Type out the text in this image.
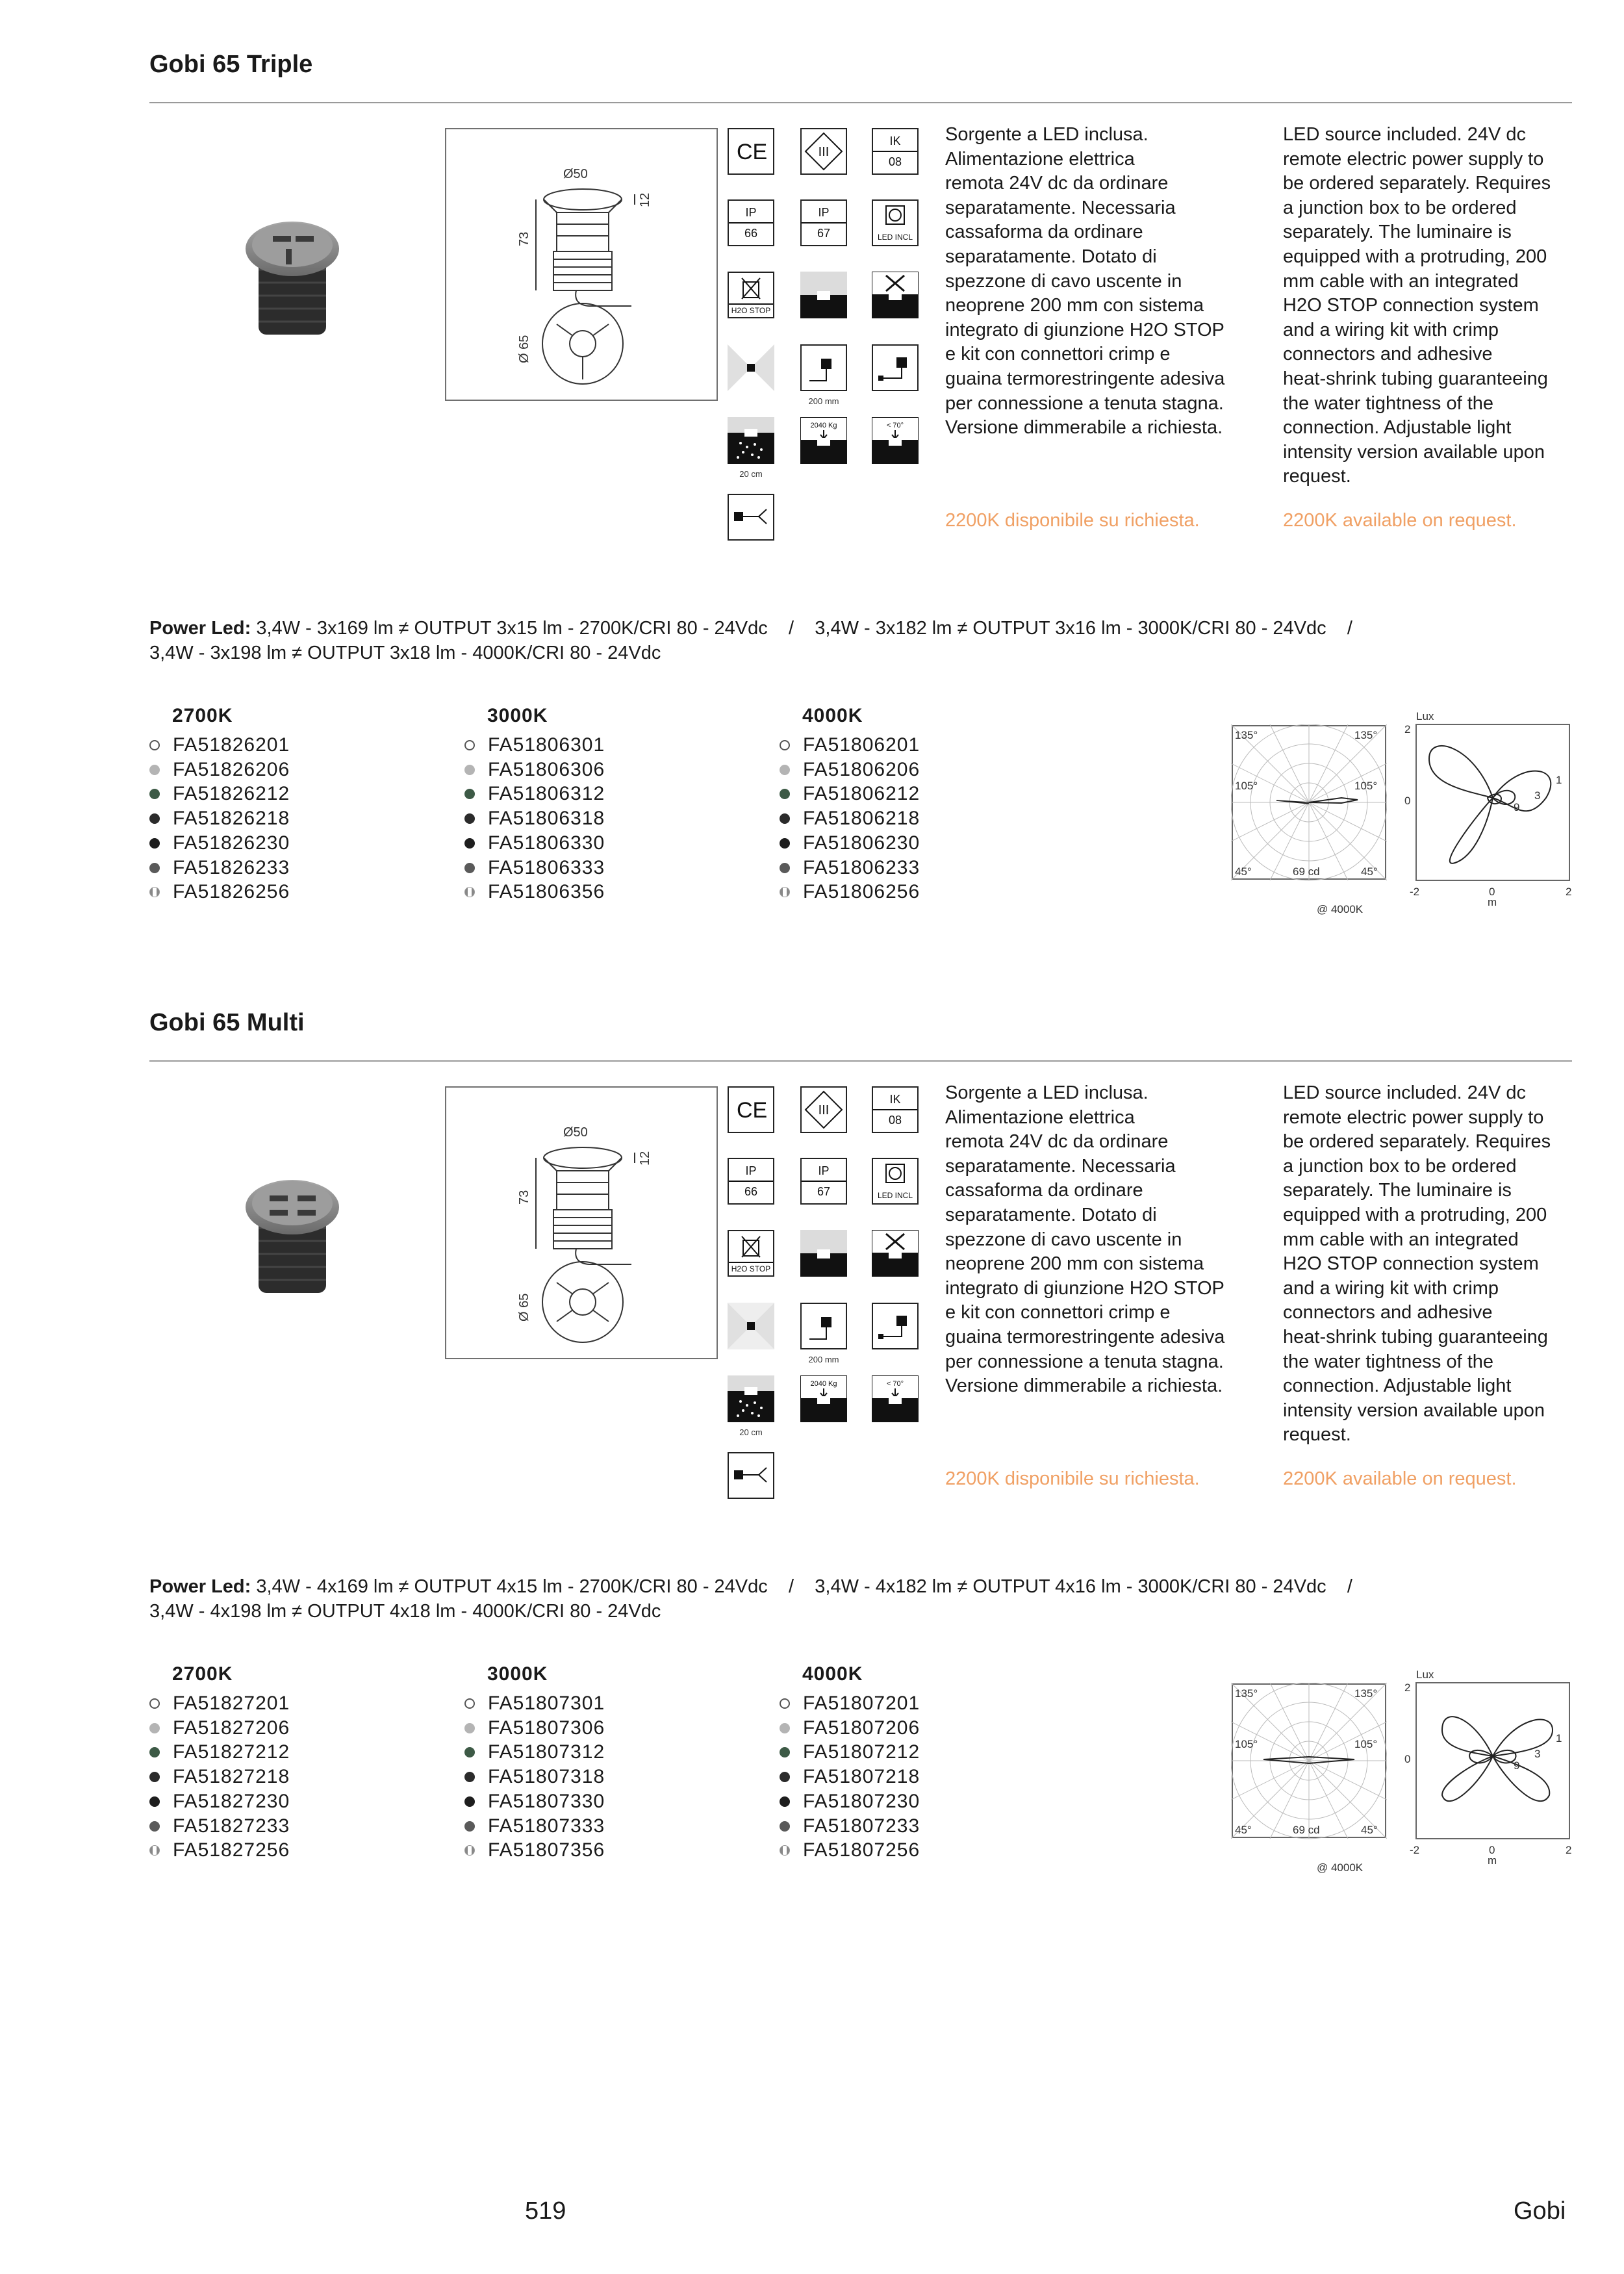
Gobi 65 Triple
Ø50
73
12
Ø 65
CE	III
IK
08
IP
66
IP
67	LED INCL
H2O STOP
200 mm
20 cm
2040 Kg	< 70°
Sorgente a LED inclusa.
Alimentazione elettrica
remota 24V dc da ordinare
separatamente. Necessaria
cassaforma da ordinare
separatamente. Dotato di
spezzone di cavo uscente in
neoprene 200 mm con sistema
integrato di giunzione H2O STOP
e kit con connettori crimp e
guaina termorestringente adesiva
per connessione a tenuta stagna.
Versione dimmerabile a richiesta.
LED source included. 24V dc
remote electric power supply to
be ordered separately. Requires
a junction box to be ordered
separately. The luminaire is
equipped with a protruding, 200
mm cable with an integrated
H2O STOP connection system
and a wiring kit with crimp
connectors and adhesive
heat-shrink tubing guaranteeing
the water tightness of the
connection. Adjustable light
intensity version available upon
request.
2200K disponibile su richiesta.	2200K available on request.
Power Led: 3,4W - 3x169 lm ≠ OUTPUT 3x15 lm - 2700K/CRI 80 - 24Vdc    /    3,4W - 3x182 lm ≠ OUTPUT 3x16 lm - 3000K/CRI 80 - 24Vdc    /
3,4W - 3x198 lm ≠ OUTPUT 3x18 lm - 4000K/CRI 80 - 24Vdc
135°	135°
105°	105°
45°	45°
69 cd
@ 4000K
Lux
2
0
-2	0	2
m
1
3
9
2700K
FA51826201
FA51826206
FA51826212
FA51826218
FA51826230
FA51826233
FA51826256
3000K
FA51806301
FA51806306
FA51806312
FA51806318
FA51806330
FA51806333
FA51806356
4000K
FA51806201
FA51806206
FA51806212
FA51806218
FA51806230
FA51806233
FA51806256
Gobi 65 Multi
Ø50
73
12
Ø 65
CE	III
IK
08
IP
66
IP
67	LED INCL
H2O STOP
200 mm
20 cm
2040 Kg	< 70°
Sorgente a LED inclusa.
Alimentazione elettrica
remota 24V dc da ordinare
separatamente. Necessaria
cassaforma da ordinare
separatamente. Dotato di
spezzone di cavo uscente in
neoprene 200 mm con sistema
integrato di giunzione H2O STOP
e kit con connettori crimp e
guaina termorestringente adesiva
per connessione a tenuta stagna.
Versione dimmerabile a richiesta.
LED source included. 24V dc
remote electric power supply to
be ordered separately. Requires
a junction box to be ordered
separately. The luminaire is
equipped with a protruding, 200
mm cable with an integrated
H2O STOP connection system
and a wiring kit with crimp
connectors and adhesive
heat-shrink tubing guaranteeing
the water tightness of the
connection. Adjustable light
intensity version available upon
request.
2200K disponibile su richiesta.	2200K available on request.
Power Led: 3,4W - 4x169 lm ≠ OUTPUT 4x15 lm - 2700K/CRI 80 - 24Vdc    /    3,4W - 4x182 lm ≠ OUTPUT 4x16 lm - 3000K/CRI 80 - 24Vdc    /
3,4W - 4x198 lm ≠ OUTPUT 4x18 lm - 4000K/CRI 80 - 24Vdc
135°	135°
105°	105°
45°	45°
69 cd
@ 4000K
Lux
2
0
-2	0	2
m
1
3
9
2700K
FA51827201
FA51827206
FA51827212
FA51827218
FA51827230
FA51827233
FA51827256
3000K
FA51807301
FA51807306
FA51807312
FA51807318
FA51807330
FA51807333
FA51807356
4000K
FA51807201
FA51807206
FA51807212
FA51807218
FA51807230
FA51807233
FA51807256
519	Gobi
